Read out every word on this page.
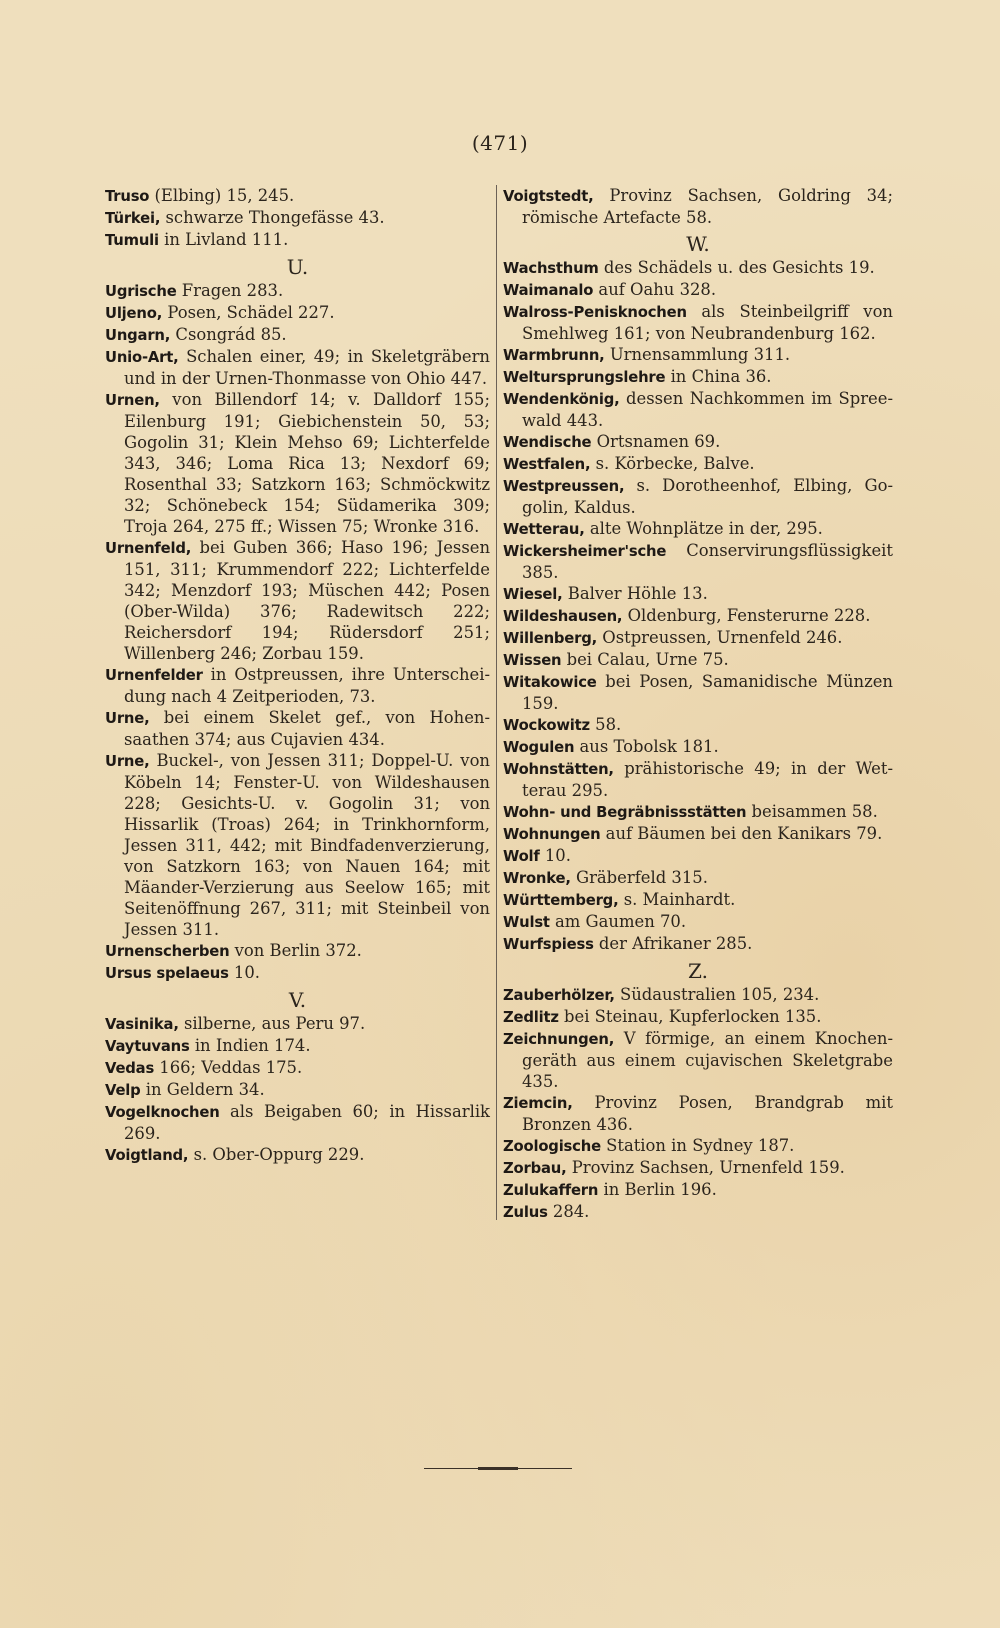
(471)
Truso (Elbing) 15, 245.
Türkei, schwarze Thongefässe 43.
Tumuli in Livland 111.
U.
Ugrische Fragen 283.
Uljeno, Posen, Schädel 227.
Ungarn, Csongrád 85.
Unio-Art, Schalen einer, 49; in Skeletgräbern und in der Urnen-Thonmasse von Ohio 447.
Urnen, von Billendorf 14; v. Dalldorf 155; Eilenburg 191; Giebichenstein 50, 53; Gogolin 31; Klein Mehso 69; Lichterfelde 343, 346; Loma Rica 13; Nexdorf 69; Rosenthal 33; Satzkorn 163; Schmöckwitz 32; Schönebeck 154; Südamerika 309; Troja 264, 275 ff.; Wissen 75; Wronke 316.
Urnenfeld, bei Guben 366; Haso 196; Jessen 151, 311; Krummendorf 222; Lichterfelde 342; Menzdorf 193; Müschen 442; Posen (Ober-Wilda) 376; Radewitsch 222; Reichersdorf 194; Rüdersdorf 251; Willenberg 246; Zorbau 159.
Urnenfelder in Ostpreussen, ihre Unterscheidung nach 4 Zeitperioden, 73.
Urne, bei einem Skelet gef., von Hohensaathen 374; aus Cujavien 434.
Urne, Buckel-, von Jessen 311; Doppel-U. von Köbeln 14; Fenster-U. von Wildeshausen 228; Gesichts-U. v. Gogolin 31; von Hissarlik (Troas) 264; in Trinkhornform, Jessen 311, 442; mit Bindfadenverzierung, von Satzkorn 163; von Nauen 164; mit Mäander-Verzierung aus Seelow 165; mit Seitenöffnung 267, 311; mit Steinbeil von Jessen 311.
Urnenscherben von Berlin 372.
Ursus spelaeus 10.
V.
Vasinika, silberne, aus Peru 97.
Vaytuvans in Indien 174.
Vedas 166; Veddas 175.
Velp in Geldern 34.
Vogelknochen als Beigaben 60; in Hissarlik 269.
Voigtland, s. Ober-Oppurg 229.
Voigtstedt, Provinz Sachsen, Goldring 34; römische Artefacte 58.
W.
Wachsthum des Schädels u. des Gesichts 19.
Waimanalo auf Oahu 328.
Walross-Penisknochen als Steinbeilgriff von Smehlweg 161; von Neubrandenburg 162.
Warmbrunn, Urnensammlung 311.
Weltursprungslehre in China 36.
Wendenkönig, dessen Nachkommen im Spreewald 443.
Wendische Ortsnamen 69.
Westfalen, s. Körbecke, Balve.
Westpreussen, s. Dorotheenhof, Elbing, Gogolin, Kaldus.
Wetterau, alte Wohnplätze in der, 295.
Wickersheimer'sche Conservirungsflüssigkeit 385.
Wiesel, Balver Höhle 13.
Wildeshausen, Oldenburg, Fensterurne 228.
Willenberg, Ostpreussen, Urnenfeld 246.
Wissen bei Calau, Urne 75.
Witakowice bei Posen, Samanidische Münzen 159.
Wockowitz 58.
Wogulen aus Tobolsk 181.
Wohnstätten, prähistorische 49; in der Wetterau 295.
Wohn- und Begräbnissstätten beisammen 58.
Wohnungen auf Bäumen bei den Kanikars 79.
Wolf 10.
Wronke, Gräberfeld 315.
Württemberg, s. Mainhardt.
Wulst am Gaumen 70.
Wurfspiess der Afrikaner 285.
Z.
Zauberhölzer, Südaustralien 105, 234.
Zedlitz bei Steinau, Kupferlocken 135.
Zeichnungen, V förmige, an einem Knochengeräth aus einem cujavischen Skeletgrabe 435.
Ziemcin, Provinz Posen, Brandgrab mit Bronzen 436.
Zoologische Station in Sydney 187.
Zorbau, Provinz Sachsen, Urnenfeld 159.
Zulukaffern in Berlin 196.
Zulus 284.
